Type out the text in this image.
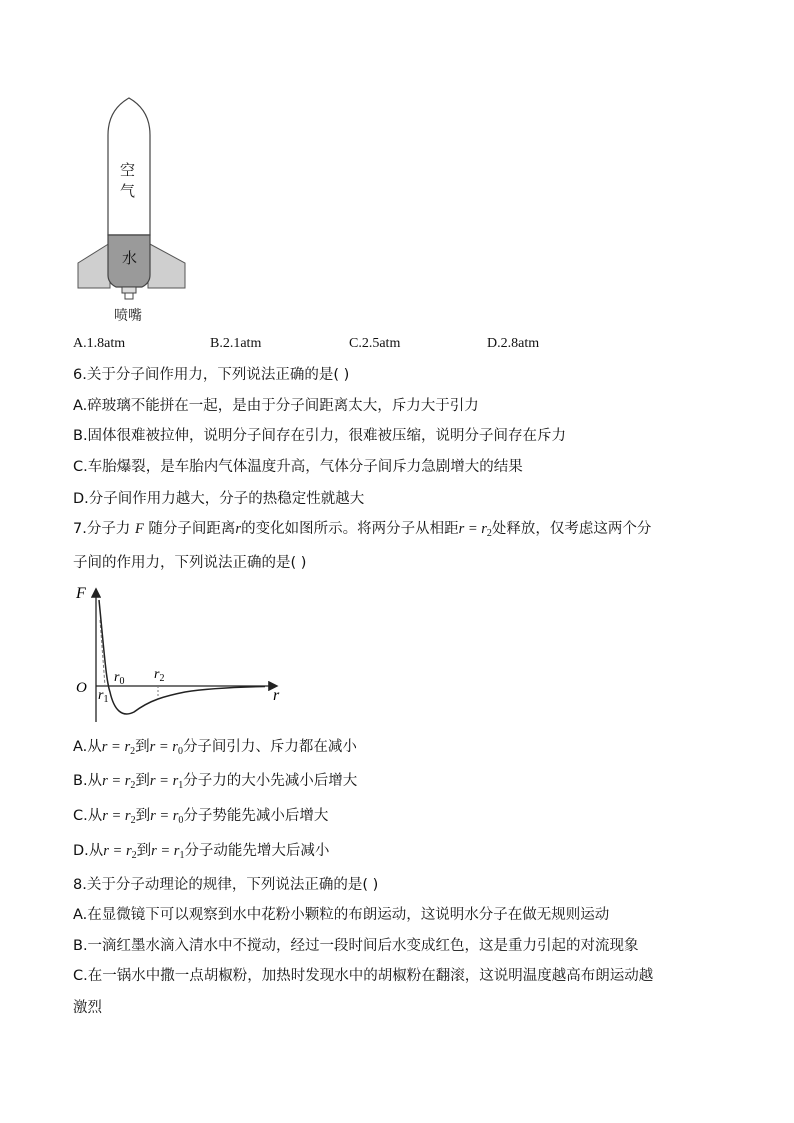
空
气
水
喷嘴
A.1.8atm	B.2.1atm	C.2.5atm	D.2.8atm
6.关于分子间作用力，下列说法正确的是( )
A.碎玻璃不能拼在一起，是由于分子间距离太大，斥力大于引力
B.固体很难被拉伸，说明分子间存在引力，很难被压缩，说明分子间存在斥力
C.车胎爆裂，是车胎内气体温度升高，气体分子间斥力急剧增大的结果
D.分子间作用力越大，分子的热稳定性就越大
7.分子力 F 随分子间距离r的变化如图所示。将两分子从相距$r = r_2$处释放，仅考虑这两个分
子间的作用力，下列说法正确的是( )
F
O	r
$r_0$
$r_1$
$r_2$
A.从$r = r_2$到$r = r_0$分子间引力、斥力都在减小
B.从$r = r_2$到$r = r_1$分子力的大小先减小后增大
C.从$r = r_2$到$r = r_0$分子势能先减小后增大
D.从$r = r_2$到$r = r_1$分子动能先增大后减小
8.关于分子动理论的规律，下列说法正确的是( )
A.在显微镜下可以观察到水中花粉小颗粒的布朗运动，这说明水分子在做无规则运动
B.一滴红墨水滴入清水中不搅动，经过一段时间后水变成红色，这是重力引起的对流现象
C.在一锅水中撒一点胡椒粉，加热时发现水中的胡椒粉在翻滚，这说明温度越高布朗运动越
激烈
